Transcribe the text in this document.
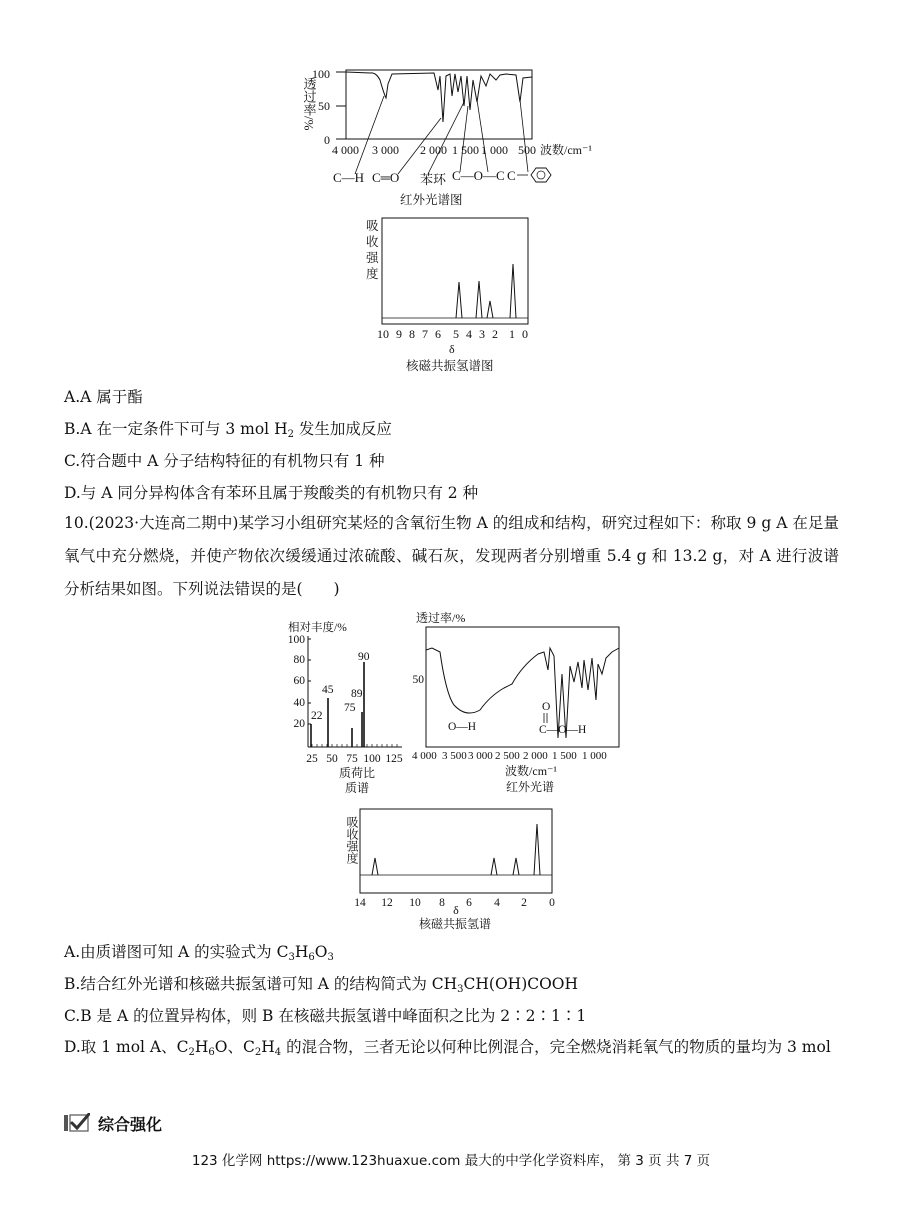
透过率/%
100
50
0
4 000 3 000 2 000 1 500 1 000 500 波数/cm⁻¹
C—H C═O 苯环 C—O—C C
红外光谱图
吸
收
强
度
10 9 8 7 6 5 4 3 2 1 0
δ
核磁共振氢谱图
A.A 属于酯
B.A 在一定条件下可与 3 mol $H_2$ 发生加成反应
C.符合题中 A 分子结构特征的有机物只有 1 种
D.与 A 同分异构体含有苯环且属于羧酸类的有机物只有 2 种
10.(2023·大连高二期中)某学习小组研究某烃的含氧衍生物 A 的组成和结构，研究过程如下：称取 9 g A 在足量氧气中充分燃烧，并使产物依次缓缓通过浓硫酸、碱石灰，发现两者分别增重 5.4 g 和 13.2 g，对 A 进行波谱分析结果如图。下列说法错误的是(　　)
相对丰度/%
100
80
60
40
20
22
45
75
89
90
25 50 75 100 125
质荷比
质谱
透过率/%
50
O—H
O
C—O—H
4 000 3 500 3 000 2 500 2 000 1 500 1 000
波数/cm⁻¹
红外光谱
吸收强度
14 12 10 8 6 4 2 0
δ
核磁共振氢谱
A.由质谱图可知 A 的实验式为 $C_3H_6O_3$
B.结合红外光谱和核磁共振氢谱可知 A 的结构简式为 $CH_3CH(OH)COOH$
C.B 是 A 的位置异构体，则 B 在核磁共振氢谱中峰面积之比为 2∶2∶1∶1
D.取 1 mol A、$C_2H_6O$、$C_2H_4$ 的混合物，三者无论以何种比例混合，完全燃烧消耗氧气的物质的量均为 3 mol
综合强化
123 化学网 https://www.123huaxue.com 最大的中学化学资料库， 第 3 页 共 7 页
